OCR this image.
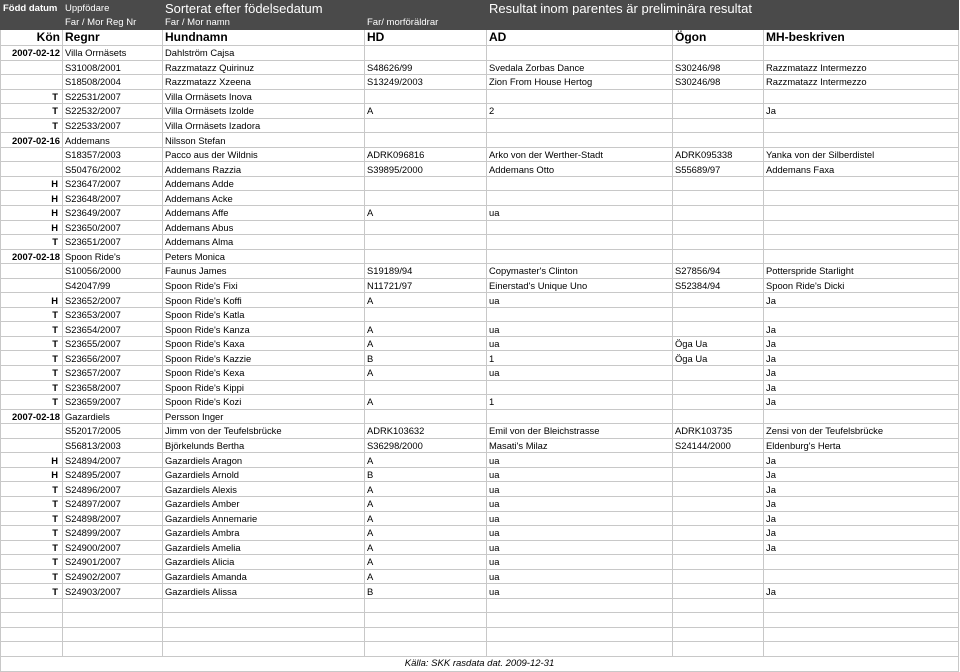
Född datum	Uppfödare	Sorterat efter födelsedatum		Resultat inom parentes är preliminära resultat		
	Far / Mor Reg Nr	Far / Mor namn	Far/ morföräldrar			
Kön	Regnr	Hundnamn	HD	AD	Ögon	MH-beskriven
2007-02-12	Villa Orrnäsets	Dahlström Cajsa				
	S31008/2001	Razzmatazz Quirinuz	S48626/99	Svedala Zorbas Dance	S30246/98	Razzmatazz Intermezzo
	S18508/2004	Razzmatazz Xzeena	S13249/2003	Zion From House Hertog	S30246/98	Razzmatazz Intermezzo
T	S22531/2007	Villa Orrnäsets Inova				
T	S22532/2007	Villa Orrnäsets Izolde	A	2		Ja
T	S22533/2007	Villa Orrnäsets Izadora				
2007-02-16	Addemans	Nilsson Stefan				
	S18357/2003	Pacco aus der Wildnis	ADRK096816	Arko von der Werther-Stadt	ADRK095338	Yanka von der Silberdistel
	S50476/2002	Addemans Razzia	S39895/2000	Addemans Otto	S55689/97	Addemans Faxa
H	S23647/2007	Addemans Adde				
H	S23648/2007	Addemans Acke				
H	S23649/2007	Addemans Affe	A	ua		
H	S23650/2007	Addemans Abus				
T	S23651/2007	Addemans Alma				
2007-02-18	Spoon Ride's	Peters Monica				
	S10056/2000	Faunus James	S19189/94	Copymaster's Clinton	S27856/94	Potterspride Starlight
	S42047/99	Spoon Ride's Fixi	N11721/97	Einerstad's Unique Uno	S52384/94	Spoon Ride's Dicki
H	S23652/2007	Spoon Ride's Koffi	A	ua		Ja
T	S23653/2007	Spoon Ride's Katla				
T	S23654/2007	Spoon Ride's Kanza	A	ua		Ja
T	S23655/2007	Spoon Ride's Kaxa	A	ua	Öga Ua	Ja
T	S23656/2007	Spoon Ride's Kazzie	B	1	Öga Ua	Ja
T	S23657/2007	Spoon Ride's Kexa	A	ua		Ja
T	S23658/2007	Spoon Ride's Kippi				Ja
T	S23659/2007	Spoon Ride's Kozi	A	1		Ja
2007-02-18	Gazardiels	Persson Inger				
	S52017/2005	Jimm von der Teufelsbrücke	ADRK103632	Emil von der Bleichstrasse	ADRK103735	Zensi von der Teufelsbrücke
	S56813/2003	Björkelunds Bertha	S36298/2000	Masati's Milaz	S24144/2000	Eldenburg's Herta
H	S24894/2007	Gazardiels Aragon	A	ua		Ja
H	S24895/2007	Gazardiels Arnold	B	ua		Ja
T	S24896/2007	Gazardiels Alexis	A	ua		Ja
T	S24897/2007	Gazardiels Amber	A	ua		Ja
T	S24898/2007	Gazardiels Annemarie	A	ua		Ja
T	S24899/2007	Gazardiels Ambra	A	ua		Ja
T	S24900/2007	Gazardiels Amelia	A	ua		Ja
T	S24901/2007	Gazardiels Alicia	A	ua		
T	S24902/2007	Gazardiels Amanda	A	ua		
T	S24903/2007	Gazardiels Alissa	B	ua		Ja

Källa: SKK rasdata dat. 2009-12-31						
